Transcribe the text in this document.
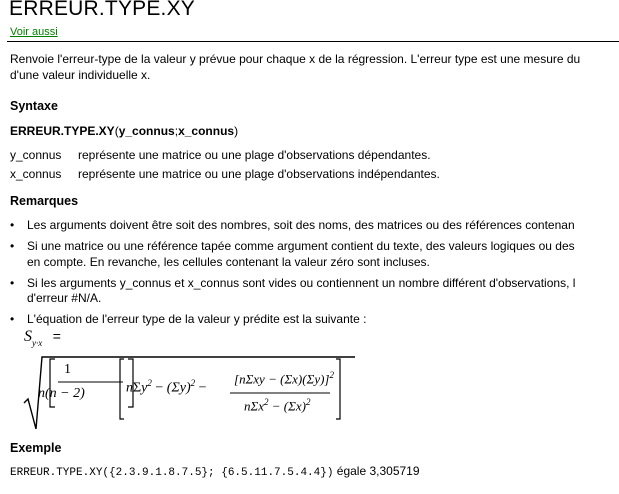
ERREUR.TYPE.XY
Voir aussi
Renvoie l'erreur-type de la valeur y prévue pour chaque x de la régression. L'erreur type est une mesure du
d'une valeur individuelle x.
Syntaxe
ERREUR.TYPE.XY(y_connus;x_connus)
y_connus représente une matrice ou une plage d'observations dépendantes.
x_connus représente une matrice ou une plage d'observations indépendantes.
Remarques
• Les arguments doivent être soit des nombres, soit des noms, des matrices ou des références contenan
• Si une matrice ou une référence tapée comme argument contient du texte, des valeurs logiques ou des
en compte. En revanche, les cellules contenant la valeur zéro sont incluses.
• Si les arguments y_connus et x_connus sont vides ou contiennent un nombre différent d'observations, l
d'erreur #N/A.
• L'équation de l'erreur type de la valeur y prédite est la suivante :
$S_{y\cdot x}$ =
1
n(n − 2)	$n\Sigma y^2 - (\Sigma y)^2$ −
$[n\Sigma xy - (\Sigma x)(\Sigma y)]^2$
$n\Sigma x^2 - (\Sigma x)^2$
Exemple
ERREUR.TYPE.XY({2.3.9.1.8.7.5}; {6.5.11.7.5.4.4}) égale 3,305719
